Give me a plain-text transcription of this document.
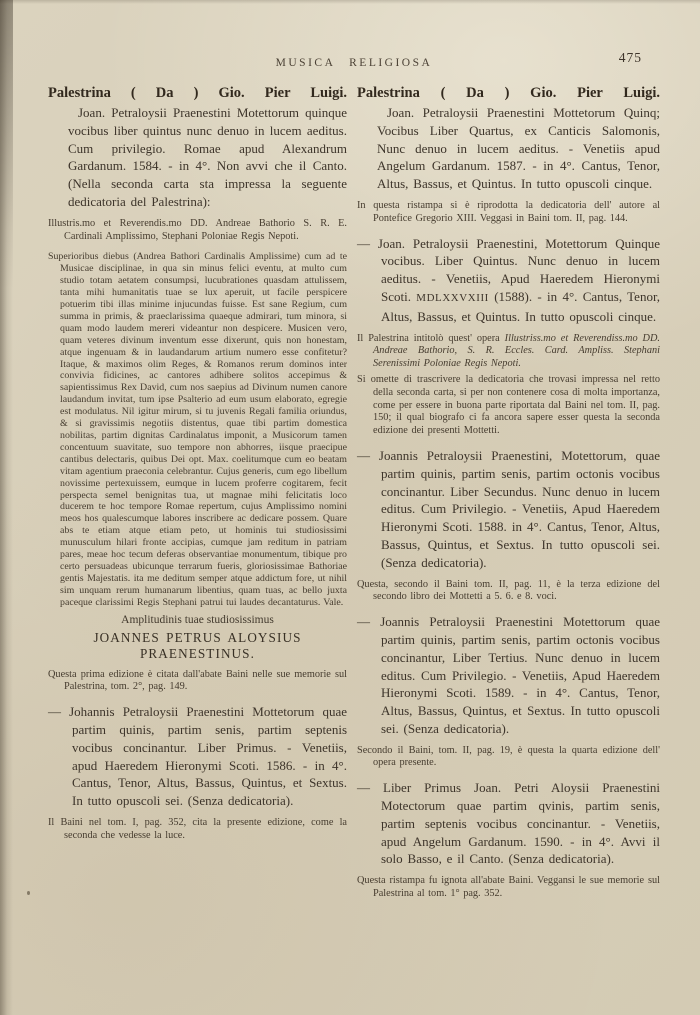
MUSICA RELIGIOSA	475

Palestrina ( Da ) Gio. Pier Luigi.

Joan. Petraloysii Praenestini Motettorum quinque vocibus liber quintus nunc denuo in lucem aeditus. Cum privilegio. Romae apud Alexandrum Gardanum. 1584. - in 4°. Non avvi che il Canto. (Nella seconda carta sta impressa la seguente dedicatoria del Palestrina):

Illustris.mo et Reverendis.mo DD. Andreae Bathorio S. R. E. Cardinali Amplissimo, Stephani Poloniae Regis Nepoti.

Superioribus diebus (Andrea Bathori Cardinalis Amplissime) cum ad te Musicae disciplinae, in qua sin minus felici eventu, at multo cum studio totam aetatem consumpsi, lucubrationes quasdam attulissem, tanta mihi humanitatis tuae se lux aperuit, ut facile perspicere potuerim tibi illas minime injucundas fuisse. Est sane Regium, cum summa in primis, & praeclarissima quaeque admirari, tum minora, si quam modo laudem mereri videantur non despicere. Musicen vero, quam veteres divinum inventum esse dixerunt, quis non honestam, atque ingenuam & in laudandarum artium numero esse confitetur? Itaque, & maximos olim Reges, & Romanos rerum dominos inter convivia fidicines, ac cantores adhibere solitos accepimus & sapientissimus Rex David, cum nos saepius ad Divinum numen canore laudandum invitat, tum ipse Psalterio ad eum usum elaborato, egregie est modulatus. Nil igitur mirum, si tu juvenis Regali familia oriundus, & si gravissimis negotiis distentus, quae tibi partim domestica nobilitas, partim dignitas Cardinalatus imponit, a Musicorum tamen concentuum suavitate, suo tempore non abhorres, iisque praecipue cantibus delectaris, quibus Dei opt. Max. coelitumque cum eo beatam vitam agentium praeconia celebrantur. Cujus generis, cum ego libellum novissime pertexuissem, eumque in lucem proferre cogitarem, fecit perspecta semel benignitas tua, ut magnae mihi felicitatis loco ducerem te hoc tempore Romae repertum, cujus Amplissimo nomini meos hos qualescumque labores inscribere ac dedicare possem. Quare abs te etiam atque etiam peto, ut hominis tui studiosissimi munusculum hilari fronte accipias, cumque jam reditum in patriam pares, meae hoc tecum deferas observantiae monumentum, tibique pro certo persuadeas ubicunque terrarum fueris, gloriosissimae Bathoriae gentis Majestatis. ita me deditum semper atque addictum fore, ut nihil sim unquam rerum humanarum libentius, quam tuas, ac bello juxta paceque clarissimi Regis Stephani patrui tui laudes decantaturus. Vale.

Amplitudinis tuae studiosissimus

JOANNES PETRUS ALOYSIUS PRAENESTINUS.

Questa prima edizione è citata dall'abate Baini nelle sue memorie sul Palestrina, tom. 2°, pag. 149.

— Johannis Petraloysii Praenestini Mottetorum quae partim quinis, partim senis, partim septenis vocibus concinantur. Liber Primus. - Venetiis, apud Haeredem Hieronymi Scoti. 1586. - in 4°. Cantus, Tenor, Altus, Bassus, Quintus, et Sextus. In tutto opuscoli sei. (Senza dedicatoria).

Il Baini nel tom. I, pag. 352, cita la presente edizione, come la seconda che vedesse la luce.

Palestrina ( Da ) Gio. Pier Luigi.

Joan. Petraloysii Praenestini Mottetorum Quinq; Vocibus Liber Quartus, ex Canticis Salomonis, Nunc denuo in lucem aeditus. - Venetiis apud Angelum Gardanum. 1587. - in 4°. Cantus, Tenor, Altus, Bassus, et Quintus. In tutto opuscoli cinque.

In questa ristampa si è riprodotta la dedicatoria dell' autore al Pontefice Gregorio XIII. Veggasi in Baini tom. II, pag. 144.

— Joan. Petraloysii Praenestini, Motettorum Quinque vocibus. Liber Quintus. Nunc denuo in lucem aeditus. - Venetiis, Apud Haeredem Hieronymi Scoti. MDLXXVXIII (1588). - in 4°. Cantus, Tenor, Altus, Bassus, et Quintus. In tutto opuscoli cinque.

Il Palestrina intitolò quest' opera Illustriss.mo et Reverendiss.mo DD. Andreae Bathorio, S. R. Eccles. Card. Ampliss. Stephani Serenissimi Poloniae Regis Nepoti.

Si omette di trascrivere la dedicatoria che trovasi impressa nel retto della seconda carta, si per non contenere cosa di molta importanza, come per essere in buona parte riportata dal Baini nel tom. II, pag. 150; il qual biografo ci fa ancora sapere esser questa la seconda edizione dei presenti Mottetti.

— Joannis Petraloysii Praenestini, Motettorum, quae partim quinis, partim senis, partim octonis vocibus concinantur. Liber Secundus. Nunc denuo in lucem editus. Cum Privilegio. - Venetiis, Apud Haeredem Hieronymi Scoti. 1588. in 4°. Cantus, Tenor, Altus, Bassus, Quintus, et Sextus. In tutto opuscoli sei. (Senza dedicatoria).

Questa, secondo il Baini tom. II, pag. 11, è la terza edizione del secondo libro dei Mottetti a 5. 6. e 8. voci.

— Joannis Petraloysii Praenestini Motettorum quae partim quinis, partim senis, partim octonis vocibus concinantur, Liber Tertius. Nunc denuo in lucem editus. Cum Privilegio. - Venetiis, Apud Haeredem Hieronymi Scoti. 1589. - in 4°. Cantus, Tenor, Altus, Bassus, Quintus, et Sextus. In tutto opuscoli sei. (Senza dedicatoria).

Secondo il Baini, tom. II, pag. 19, è questa la quarta edizione dell' opera presente.

— Liber Primus Joan. Petri Aloysii Praenestini Motectorum quae partim qvinis, partim senis, partim septenis vocibus concinantur. - Venetiis, apud Angelum Gardanum. 1590. - in 4°. Avvi il solo Basso, e il Canto. (Senza dedicatoria).

Questa ristampa fu ignota all'abate Baini. Veggansi le sue memorie sul Palestrina al tom. 1° pag. 352.
